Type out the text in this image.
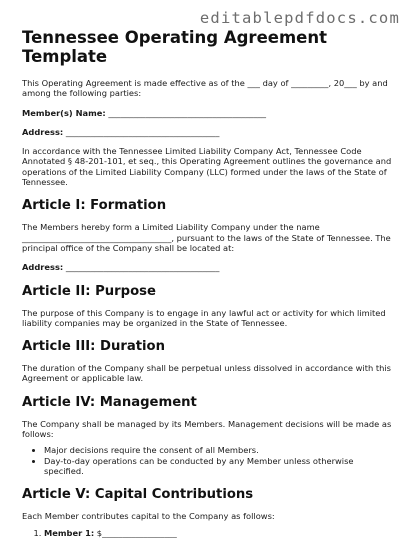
editablepdfdocs.com
Tennessee Operating Agreement Template

This Operating Agreement is made effective as of the ___ day of _________, 20___ by and among the following parties:

Member(s) Name: ______________________________________
Address: _____________________________________

In accordance with the Tennessee Limited Liability Company Act, Tennessee Code Annotated § 48-201-101, et seq., this Operating Agreement outlines the governance and operations of the Limited Liability Company (LLC) formed under the laws of the State of Tennessee.

Article I: Formation

The Members hereby form a Limited Liability Company under the name ____________________________________, pursuant to the laws of the State of Tennessee. The principal office of the Company shall be located at:

Address: _____________________________________
Article II: Purpose

The purpose of this Company is to engage in any lawful act or activity for which limited liability companies may be organized in the State of Tennessee.

Article III: Duration

The duration of the Company shall be perpetual unless dissolved in accordance with this Agreement or applicable law.

Article IV: Management

The Company shall be managed by its Members. Management decisions will be made as follows:

• Major decisions require the consent of all Members.
• Day-to-day operations can be conducted by any Member unless otherwise specified.
Article V: Capital Contributions

Each Member contributes capital to the Company as follows:

1. Member 1: $__________________
